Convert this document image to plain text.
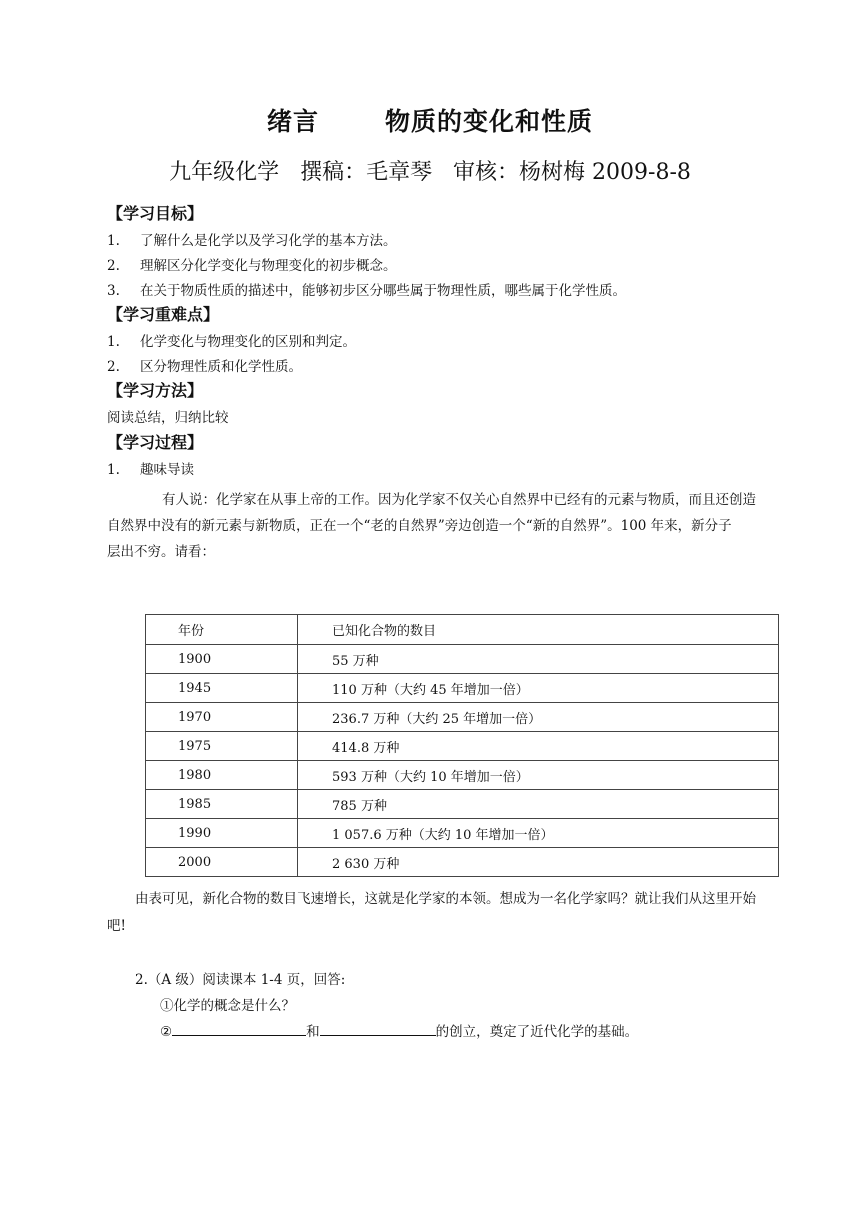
绪言	物质的变化和性质
九年级化学   撰稿：毛章琴   审核：杨树梅 2009-8-8
【学习目标】
1. 了解什么是化学以及学习化学的基本方法。
2. 理解区分化学变化与物理变化的初步概念。
3. 在关于物质性质的描述中，能够初步区分哪些属于物理性质，哪些属于化学性质。
【学习重难点】
1. 化学变化与物理变化的区别和判定。
2. 区分物理性质和化学性质。
【学习方法】
阅读总结，归纳比较
【学习过程】
1. 趣味导读
有人说：化学家在从事上帝的工作。因为化学家不仅关心自然界中已经有的元素与物质，而且还创造
自然界中没有的新元素与新物质，正在一个“老的自然界”旁边创造一个“新的自然界”。100 年来，新分子
层出不穷。请看：
年份	已知化合物的数目
1900	55 万种
1945	110 万种（大约 45 年增加一倍）
1970	236.7 万种（大约 25 年增加一倍）
1975	414.8 万种
1980	593 万种（大约 10 年增加一倍）
1985	785 万种
1990	1 057.6 万种（大约 10 年增加一倍）
2000	2 630 万种
由表可见，新化合物的数目飞速增长，这就是化学家的本领。想成为一名化学家吗？就让我们从这里开始
吧!
2.（A 级）阅读课本 1-4 页，回答:
①化学的概念是什么？
②	和	的创立，奠定了近代化学的基础。
